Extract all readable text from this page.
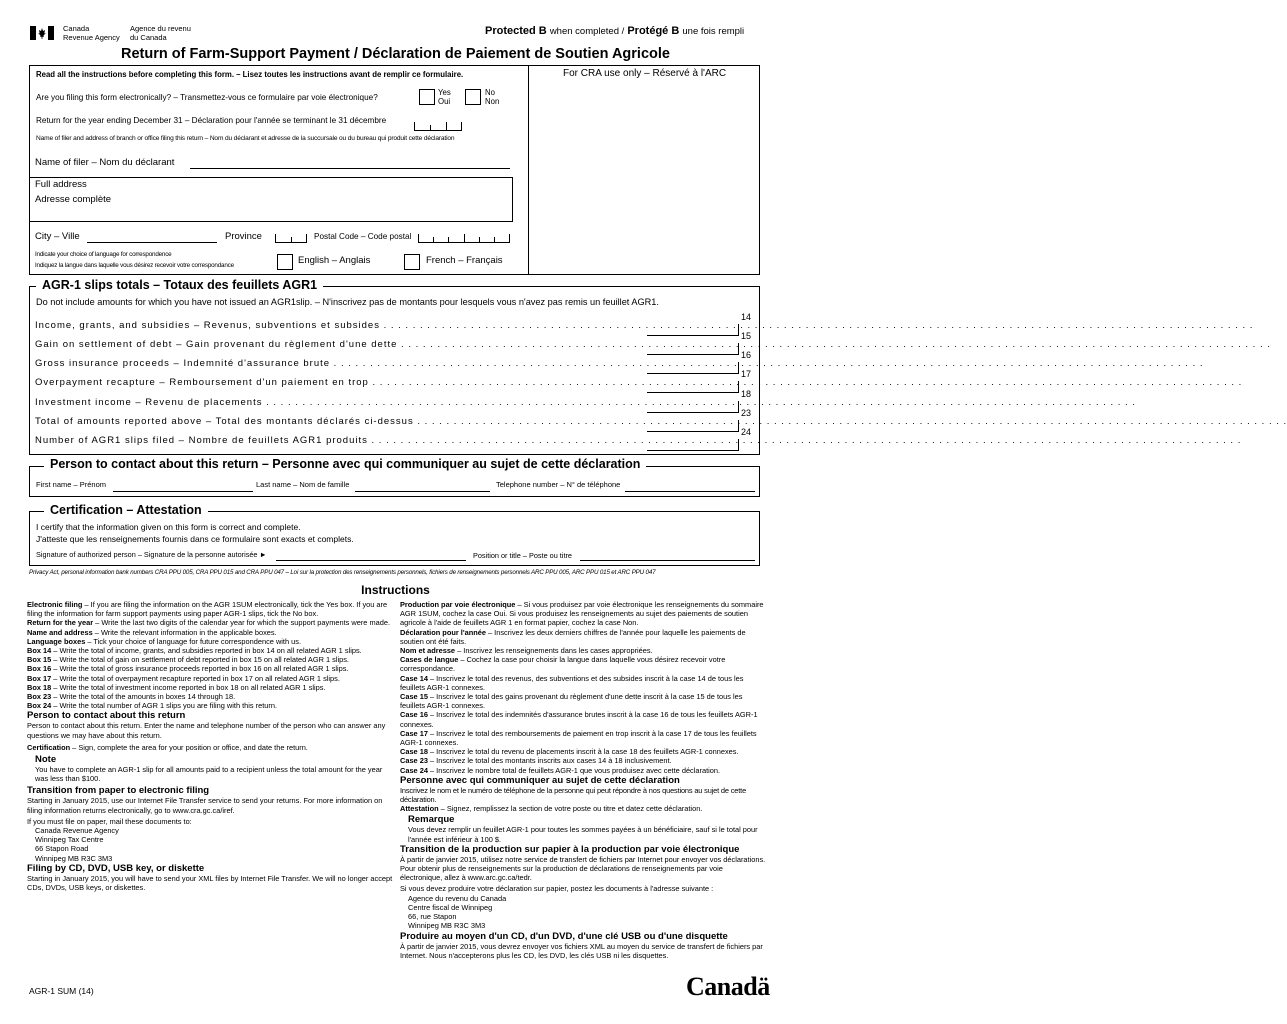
Canada Revenue Agency
Agence du revenu du Canada	Protected B when completed / Protégé B une fois rempli
Return of Farm-Support Payment / Déclaration de Paiement de Soutien Agricole
Read all the instructions before completing this form. – Lisez toutes les instructions avant de remplir ce formulaire.	For CRA use only – Réservé à l'ARC
Are you filing this form electronically? – Transmettez-vous ce formulaire par voie électronique?
Yes
Oui
No
Non
Return for the year ending December 31 – Déclaration pour l'année se terminant le 31 décembre
Name of filer and address of branch or office filing this return – Nom du déclarant et adresse de la succursale ou du bureau qui produit cette déclaration
Name of filer – Nom du déclarant
Full address
Adresse complète
City – Ville	Province	Postal Code – Code postal
Indicate your choice of language for correspondence
Indiquez la langue dans laquelle vous désirez recevoir votre correspondance	English – Anglais	French – Français
AGR-1 slips totals – Totaux des feuillets AGR1
Do not include amounts for which you have not issued an AGR1slip. – N'inscrivez pas de montants pour lesquels vous n'avez pas remis un feuillet AGR1.
Income, grants, and subsidies – Revenus, subventions et subsides . . . . . . . . . . . . . . . . . . . . . . . . . . . . . . . . . . . . . . . . . . . . . . . . . . . . . . . . . . . . . . . . . . . . . . . . . . . . . . . . . . . . . . . . . . . . . . . . . . . . . . . . . . . . . . . . . . . . . . . .
14
Gain on settlement of debt – Gain provenant du règlement d'une dette . . . . . . . . . . . . . . . . . . . . . . . . . . . . . . . . . . . . . . . . . . . . . . . . . . . . . . . . . . . . . . . . . . . . . . . . . . . . . . . . . . . . . . . . . . . . . . . . . . . . . . . . . . . . . . . . . . . . . . . .
15
Gross insurance proceeds – Indemnité d'assurance brute . . . . . . . . . . . . . . . . . . . . . . . . . . . . . . . . . . . . . . . . . . . . . . . . . . . . . . . . . . . . . . . . . . . . . . . . . . . . . . . . . . . . . . . . . . . . . . . . . . . . . . . . . . . . . . . . . . . . . . . .
16
Overpayment recapture – Remboursement d'un paiement en trop . . . . . . . . . . . . . . . . . . . . . . . . . . . . . . . . . . . . . . . . . . . . . . . . . . . . . . . . . . . . . . . . . . . . . . . . . . . . . . . . . . . . . . . . . . . . . . . . . . . . . . . . . . . . . . . . . . . . . . . .
17
Investment income – Revenu de placements . . . . . . . . . . . . . . . . . . . . . . . . . . . . . . . . . . . . . . . . . . . . . . . . . . . . . . . . . . . . . . . . . . . . . . . . . . . . . . . . . . . . . . . . . . . . . . . . . . . . . . . . . . . . . . . . . . . . . . . .
18
Total of amounts reported above – Total des montants déclarés ci-dessus . . . . . . . . . . . . . . . . . . . . . . . . . . . . . . . . . . . . . . . . . . . . . . . . . . . . . . . . . . . . . . . . . . . . . . . . . . . . . . . . . . . . . . . . . . . . . . . . . . . . . . . . . . . . . . . . . . . . . . . .
23
Number of AGR1 slips filed – Nombre de feuillets AGR1 produits . . . . . . . . . . . . . . . . . . . . . . . . . . . . . . . . . . . . . . . . . . . . . . . . . . . . . . . . . . . . . . . . . . . . . . . . . . . . . . . . . . . . . . . . . . . . . . . . . . . . . . . . . . . . . . . . . . . . . . . .
24
Person to contact about this return – Personne avec qui communiquer au sujet de cette déclaration
First name – Prénom	Last name – Nom de famille	Telephone number – N° de téléphone
Certification – Attestation
I certify that the information given on this form is correct and complete.
J'atteste que les renseignements fournis dans ce formulaire sont exacts et complets.
Signature of authorized person – Signature de la personne autorisée ►	Position or title – Poste ou titre
Privacy Act, personal information bank numbers CRA PPU 005, CRA PPU 015 and CRA PPU 047 – Loi sur la protection des renseignements personnels, fichiers de renseignements personnels ARC PPU 005, ARC PPU 015 et ARC PPU 047
Instructions
Electronic filing – If you are filing the information on the AGR 1SUM electronically, tick the Yes box. If you are filing the information for farm support payments using paper AGR-1 slips, tick the No box.
Return for the year – Write the last two digits of the calendar year for which the support payments were made.
Name and address – Write the relevant information in the applicable boxes.
Language boxes – Tick your choice of language for future correspondence with us.
Box 14 – Write the total of income, grants, and subsidies reported in box 14 on all related AGR 1 slips.
Box 15 – Write the total of gain on settlement of debt reported in box 15 on all related AGR 1 slips.
Box 16 – Write the total of gross insurance proceeds reported in box 16 on all related AGR 1 slips.
Box 17 – Write the total of overpayment recapture reported in box 17 on all related AGR 1 slips.
Box 18 – Write the total of investment income reported in box 18 on all related AGR 1 slips.
Box 23 – Write the total of the amounts in boxes 14 through 18.
Box 24 – Write the total number of AGR 1 slips you are filing with this return.
Person to contact about this return
Person to contact about this return. Enter the name and telephone number of the person who can answer any questions we may have about this return.
Certification – Sign, complete the area for your position or office, and date the return.
Note
You have to complete an AGR-1 slip for all amounts paid to a recipient unless the total amount for the year was less than $100.
Transition from paper to electronic filing
Starting in January 2015, use our Internet File Transfer service to send your returns. For more information on filing information returns electronically, go to www.cra.gc.ca/iref.
If you must file on paper, mail these documents to:
Canada Revenue Agency
Winnipeg Tax Centre
66 Stapon Road
Winnipeg MB R3C 3M3
Filing by CD, DVD, USB key, or diskette
Starting in January 2015, you will have to send your XML files by Internet File Transfer. We will no longer accept CDs, DVDs, USB keys, or diskettes.
Production par voie électronique – Si vous produisez par voie électronique les renseignements du sommaire AGR 1SUM, cochez la case Oui. Si vous produisez les renseignements au sujet des paiements de soutien agricole à l'aide de feuillets AGR 1 en format papier, cochez la case Non.
Déclaration pour l'année – Inscrivez les deux derniers chiffres de l'année pour laquelle les paiements de soutien ont été faits.
Nom et adresse – Inscrivez les renseignements dans les cases appropriées.
Cases de langue – Cochez la case pour choisir la langue dans laquelle vous désirez recevoir votre correspondance.
Case 14 – Inscrivez le total des revenus, des subventions et des subsides inscrit à la case 14 de tous les feuillets AGR-1 connexes.
Case 15 – Inscrivez le total des gains provenant du règlement d'une dette inscrit à la case 15 de tous les feuillets AGR-1 connexes.
Case 16 – Inscrivez le total des indemnités d'assurance brutes inscrit à la case 16 de tous les feuillets AGR-1 connexes.
Case 17 – Inscrivez le total des remboursements de paiement en trop inscrit à la case 17 de tous les feuillets AGR-1 connexes.
Case 18 – Inscrivez le total du revenu de placements inscrit à la case 18 des feuillets AGR-1 connexes.
Case 23 – Inscrivez le total des montants inscrits aux cases 14 à 18 inclusivement.
Case 24 – Inscrivez le nombre total de feuillets AGR-1 que vous produisez avec cette déclaration.
Personne avec qui communiquer au sujet de cette déclaration
Inscrivez le nom et le numéro de téléphone de la personne qui peut répondre à nos questions au sujet de cette déclaration.
Attestation – Signez, remplissez la section de votre poste ou titre et datez cette déclaration.
Remarque
Vous devez remplir un feuillet AGR-1 pour toutes les sommes payées à un bénéficiaire, sauf si le total pour l'année est inférieur à 100 $.
Transition de la production sur papier à la production par voie électronique
À partir de janvier 2015, utilisez notre service de transfert de fichiers par Internet pour envoyer vos déclarations. Pour obtenir plus de renseignements sur la production de déclarations de renseignements par voie électronique, allez à www.arc.gc.ca/tedr.
Si vous devez produire votre déclaration sur papier, postez les documents à l'adresse suivante :
Agence du revenu du Canada
Centre fiscal de Winnipeg
66, rue Stapon
Winnipeg MB R3C 3M3
Produire au moyen d'un CD, d'un DVD, d'une clé USB ou d'une disquette
À partir de janvier 2015, vous devrez envoyer vos fichiers XML au moyen du service de transfert de fichiers par Internet. Nous n'accepterons plus les CD, les DVD, les clés USB ni les disquettes.
AGR-1 SUM (14)	Canadä
